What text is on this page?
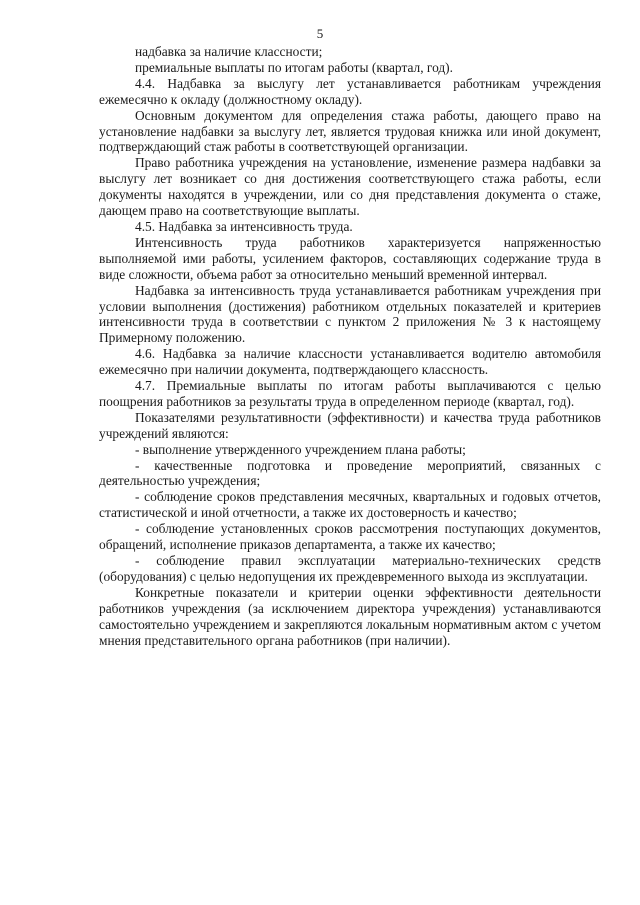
5

надбавка за наличие классности;

премиальные выплаты по итогам работы (квартал, год).

4.4. Надбавка за выслугу лет устанавливается работникам учреждения ежемесячно к окладу (должностному окладу).

Основным документом для определения стажа работы, дающего право на установление надбавки за выслугу лет, является трудовая книжка или иной документ, подтверждающий стаж работы в соответствующей организации.

Право работника учреждения на установление, изменение размера надбавки за выслугу лет возникает со дня достижения соответствующего стажа работы, если документы находятся в учреждении, или со дня представления документа о стаже, дающем право на соответствующие выплаты.

4.5. Надбавка за интенсивность труда.

Интенсивность труда работников характеризуется напряженностью выполняемой ими работы, усилением факторов, составляющих содержание труда в виде сложности, объема работ за относительно меньший временной интервал.

Надбавка за интенсивность труда устанавливается работникам учреждения при условии выполнения (достижения) работником отдельных показателей и критериев интенсивности труда в соответствии с пунктом 2 приложения № 3 к настоящему Примерному положению.

4.6. Надбавка за наличие классности устанавливается водителю автомобиля ежемесячно при наличии документа, подтверждающего классность.

4.7. Премиальные выплаты по итогам работы выплачиваются с целью поощрения работников за результаты труда в определенном периоде (квартал, год).

Показателями результативности (эффективности) и качества труда работников учреждений являются:

- выполнение утвержденного учреждением плана работы;

- качественные подготовка и проведение мероприятий, связанных с деятельностью учреждения;

- соблюдение сроков представления месячных, квартальных и годовых отчетов, статистической и иной отчетности, а также их достоверность и качество;

- соблюдение установленных сроков рассмотрения поступающих документов, обращений, исполнение приказов департамента, а также их качество;

- соблюдение правил эксплуатации материально-технических средств (оборудования) с целью недопущения их преждевременного выхода из эксплуатации.

Конкретные показатели и критерии оценки эффективности деятельности работников учреждения (за исключением директора учреждения) устанавливаются самостоятельно учреждением и закрепляются локальным нормативным актом с учетом мнения представительного органа работников (при наличии).
